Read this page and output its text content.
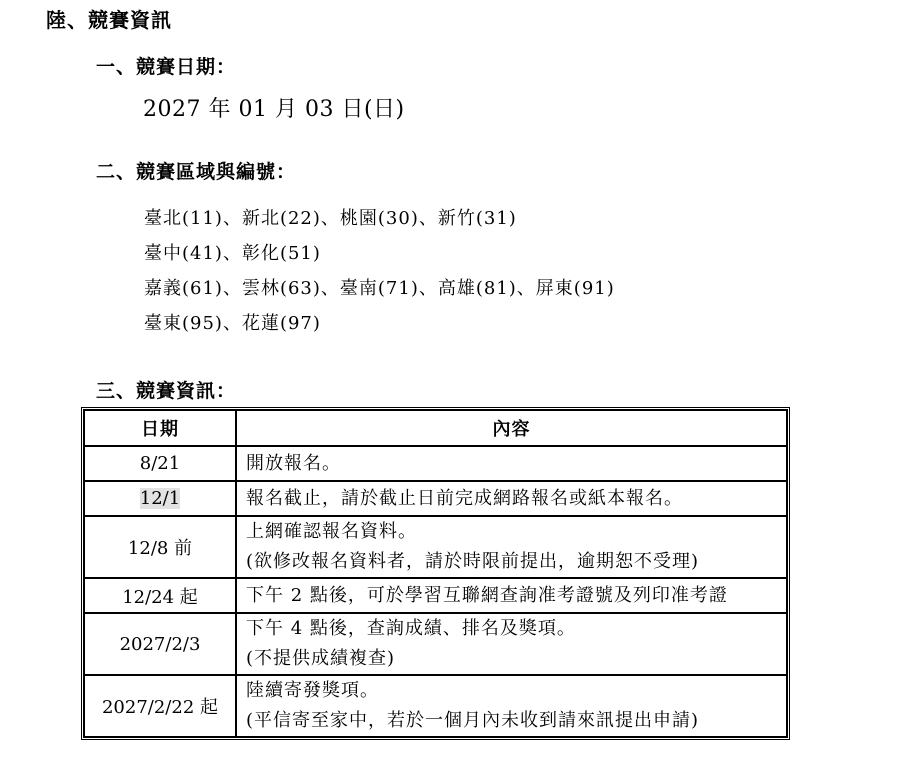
陸、競賽資訊
一、競賽日期：
2027 年 01 月 03 日(日)
二、競賽區域與編號：
臺北(11)、新北(22)、桃園(30)、新竹(31)
臺中(41)、彰化(51)
嘉義(61)、雲林(63)、臺南(71)、高雄(81)、屏東(91)
臺東(95)、花蓮(97)
三、競賽資訊：
日期	內容
8/21	開放報名。

12/1	報名截止，請於截止日前完成網路報名或紙本報名。

12/8 前	上網確認報名資料。
(欲修改報名資料者，請於時限前提出，逾期恕不受理)

12/24 起	下午 2 點後，可於學習互聯網查詢准考證號及列印准考證

2027/2/3	下午 4 點後，查詢成績、排名及獎項。
(不提供成績複查)

2027/2/22 起	陸續寄發獎項。
(平信寄至家中，若於一個月內未收到請來訊提出申請)
